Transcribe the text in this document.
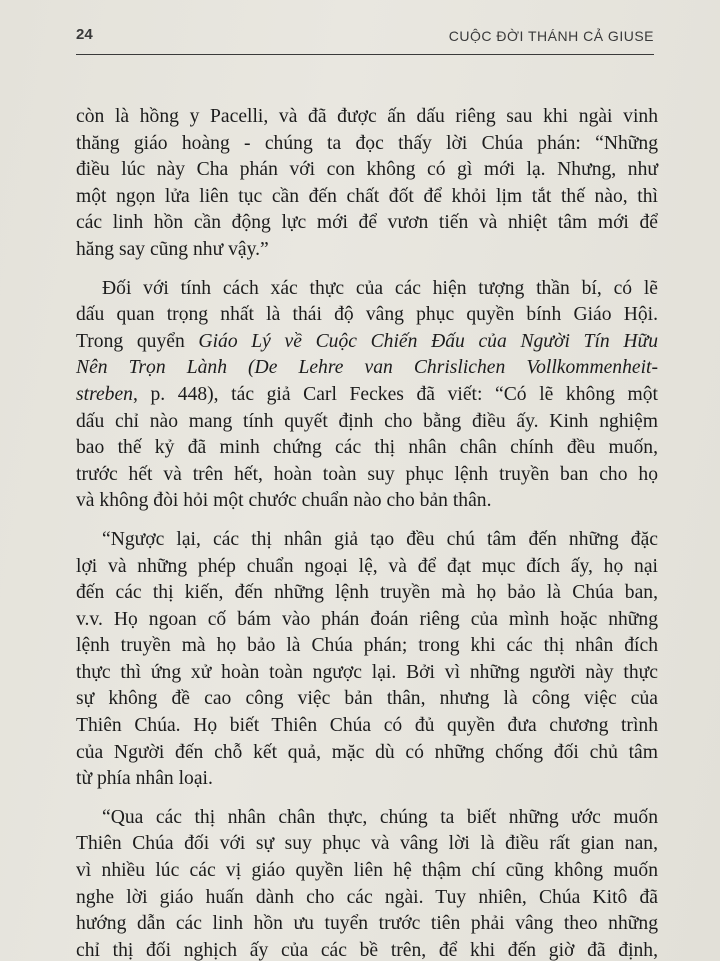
24	CUỘC ĐỜI THÁNH CẢ GIUSE
còn là hồng y Pacelli, và đã được ấn dấu riêng sau khi ngài vinh
thăng giáo hoàng - chúng ta đọc thấy lời Chúa phán: “Những
điều lúc này Cha phán với con không có gì mới lạ. Nhưng, như
một ngọn lửa liên tục cần đến chất đốt để khỏi lịm tắt thế nào, thì
các linh hồn cần động lực mới để vươn tiến và nhiệt tâm mới để
hăng say cũng như vậy.”
Đối với tính cách xác thực của các hiện tượng thần bí, có lẽ
dấu quan trọng nhất là thái độ vâng phục quyền bính Giáo Hội.
Trong quyển Giáo Lý về Cuộc Chiến Đấu của Người Tín Hữu
Nên Trọn Lành (De Lehre van Chrislichen Vollkommenheit-
streben, p. 448), tác giả Carl Feckes đã viết: “Có lẽ không một
dấu chỉ nào mang tính quyết định cho bằng điều ấy. Kinh nghiệm
bao thế kỷ đã minh chứng các thị nhân chân chính đều muốn,
trước hết và trên hết, hoàn toàn suy phục lệnh truyền ban cho họ
và không đòi hỏi một chước chuẩn nào cho bản thân.
“Ngược lại, các thị nhân giả tạo đều chú tâm đến những đặc
lợi và những phép chuẩn ngoại lệ, và để đạt mục đích ấy, họ nại
đến các thị kiến, đến những lệnh truyền mà họ bảo là Chúa ban,
v.v. Họ ngoan cố bám vào phán đoán riêng của mình hoặc những
lệnh truyền mà họ bảo là Chúa phán; trong khi các thị nhân đích
thực thì ứng xử hoàn toàn ngược lại. Bởi vì những người này thực
sự không đề cao công việc bản thân, nhưng là công việc của
Thiên Chúa. Họ biết Thiên Chúa có đủ quyền đưa chương trình
của Người đến chỗ kết quả, mặc dù có những chống đối chủ tâm
từ phía nhân loại.
“Qua các thị nhân chân thực, chúng ta biết những ước muốn
Thiên Chúa đối với sự suy phục và vâng lời là điều rất gian nan,
vì nhiều lúc các vị giáo quyền liên hệ thậm chí cũng không muốn
nghe lời giáo huấn dành cho các ngài. Tuy nhiên, Chúa Kitô đã
hướng dẫn các linh hồn ưu tuyển trước tiên phải vâng theo những
chỉ thị đối nghịch ấy của các bề trên, để khi đến giờ đã định,
